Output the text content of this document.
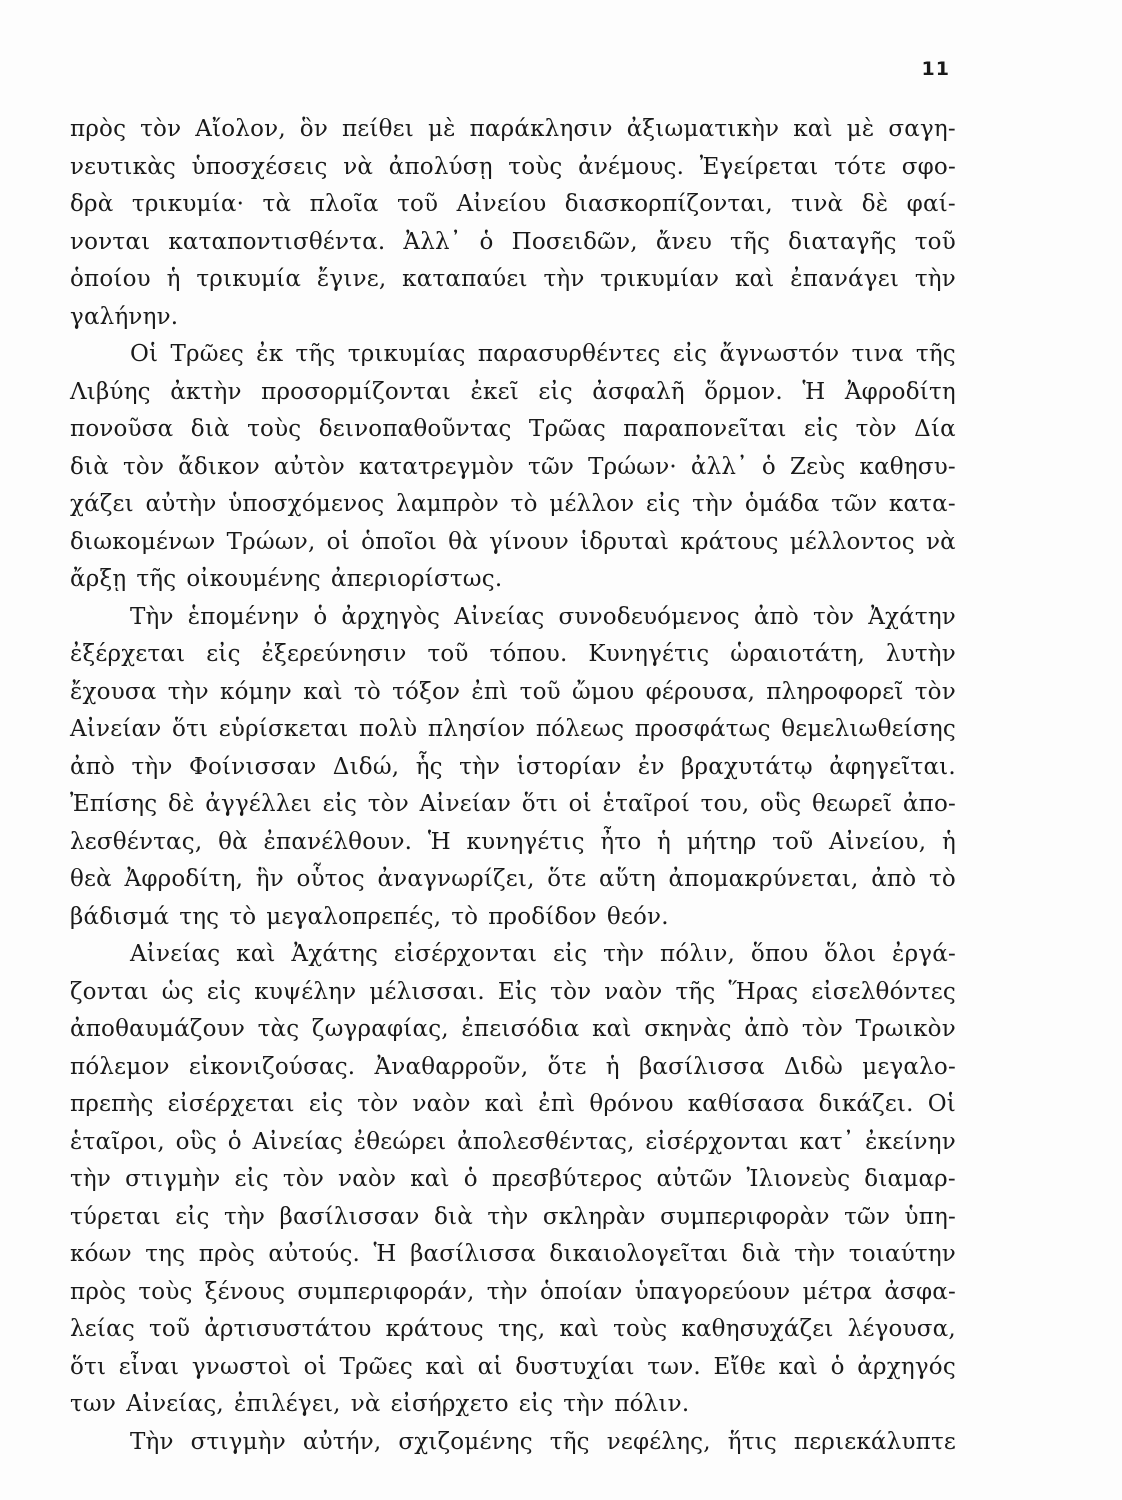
11
πρὸς τὸν Αἴολον, ὃν πείθει μὲ παράκλησιν ἀξιωματικὴν καὶ μὲ σαγη-
νευτικὰς ὑποσχέσεις νὰ ἀπολύσῃ τοὺς ἀνέμους. Ἐγείρεται τότε σφο-
δρὰ τρικυμία· τὰ πλοῖα τοῦ Αἰνείου διασκορπίζονται, τινὰ δὲ φαί-
νονται καταποντισθέντα. Ἀλλ᾽ ὁ Ποσειδῶν, ἄνευ τῆς διαταγῆς τοῦ
ὁποίου ἡ τρικυμία ἔγινε, καταπαύει τὴν τρικυμίαν καὶ ἐπανάγει τὴν
γαλήνην.
Οἱ Τρῶες ἐκ τῆς τρικυμίας παρασυρθέντες εἰς ἄγνωστόν τινα τῆς
Λιβύης ἀκτὴν προσορμίζονται ἐκεῖ εἰς ἀσφαλῆ ὅρμον. Ἡ Ἀφροδίτη
πονοῦσα διὰ τοὺς δεινοπαθοῦντας Τρῶας παραπονεῖται εἰς τὸν Δία
διὰ τὸν ἄδικον αὐτὸν κατατρεγμὸν τῶν Τρώων· ἀλλ᾽ ὁ Ζεὺς καθησυ-
χάζει αὐτὴν ὑποσχόμενος λαμπρὸν τὸ μέλλον εἰς τὴν ὁμάδα τῶν κατα-
διωκομένων Τρώων, οἱ ὁποῖοι θὰ γίνουν ἱδρυταὶ κράτους μέλλοντος νὰ
ἄρξῃ τῆς οἰκουμένης ἀπεριορίστως.
Τὴν ἑπομένην ὁ ἀρχηγὸς Αἰνείας συνοδευόμενος ἀπὸ τὸν Ἀχάτην
ἐξέρχεται εἰς ἐξερεύνησιν τοῦ τόπου. Κυνηγέτις ὡραιοτάτη, λυτὴν
ἔχουσα τὴν κόμην καὶ τὸ τόξον ἐπὶ τοῦ ὤμου φέρουσα, πληροφορεῖ τὸν
Αἰνείαν ὅτι εὑρίσκεται πολὺ πλησίον πόλεως προσφάτως θεμελιωθείσης
ἀπὸ τὴν Φοίνισσαν Διδώ, ἧς τὴν ἱστορίαν ἐν βραχυτάτῳ ἀφηγεῖται.
Ἐπίσης δὲ ἀγγέλλει εἰς τὸν Αἰνείαν ὅτι οἱ ἑταῖροί του, οὓς θεωρεῖ ἀπο-
λεσθέντας, θὰ ἐπανέλθουν. Ἡ κυνηγέτις ἦτο ἡ μήτηρ τοῦ Αἰνείου, ἡ
θεὰ Ἀφροδίτη, ἣν οὗτος ἀναγνωρίζει, ὅτε αὕτη ἀπομακρύνεται, ἀπὸ τὸ
βάδισμά της τὸ μεγαλοπρεπές, τὸ προδίδον θεόν.
Αἰνείας καὶ Ἀχάτης εἰσέρχονται εἰς τὴν πόλιν, ὅπου ὅλοι ἐργά-
ζονται ὡς εἰς κυψέλην μέλισσαι. Εἰς τὸν ναὸν τῆς Ἥρας εἰσελθόντες
ἀποθαυμάζουν τὰς ζωγραφίας, ἐπεισόδια καὶ σκηνὰς ἀπὸ τὸν Τρωικὸν
πόλεμον εἰκονιζούσας. Ἀναθαρροῦν, ὅτε ἡ βασίλισσα Διδὼ μεγαλο-
πρεπὴς εἰσέρχεται εἰς τὸν ναὸν καὶ ἐπὶ θρόνου καθίσασα δικάζει. Οἱ
ἑταῖροι, οὓς ὁ Αἰνείας ἐθεώρει ἀπολεσθέντας, εἰσέρχονται κατ᾽ ἐκείνην
τὴν στιγμὴν εἰς τὸν ναὸν καὶ ὁ πρεσβύτερος αὐτῶν Ἰλιονεὺς διαμαρ-
τύρεται εἰς τὴν βασίλισσαν διὰ τὴν σκληρὰν συμπεριφορὰν τῶν ὑπη-
κόων της πρὸς αὐτούς. Ἡ βασίλισσα δικαιολογεῖται διὰ τὴν τοιαύτην
πρὸς τοὺς ξένους συμπεριφοράν, τὴν ὁποίαν ὑπαγορεύουν μέτρα ἀσφα-
λείας τοῦ ἀρτισυστάτου κράτους της, καὶ τοὺς καθησυχάζει λέγουσα,
ὅτι εἶναι γνωστοὶ οἱ Τρῶες καὶ αἱ δυστυχίαι των. Εἴθε καὶ ὁ ἀρχηγός
των Αἰνείας, ἐπιλέγει, νὰ εἰσήρχετο εἰς τὴν πόλιν.
Τὴν στιγμὴν αὐτήν, σχιζομένης τῆς νεφέλης, ἥτις περιεκάλυπτε
